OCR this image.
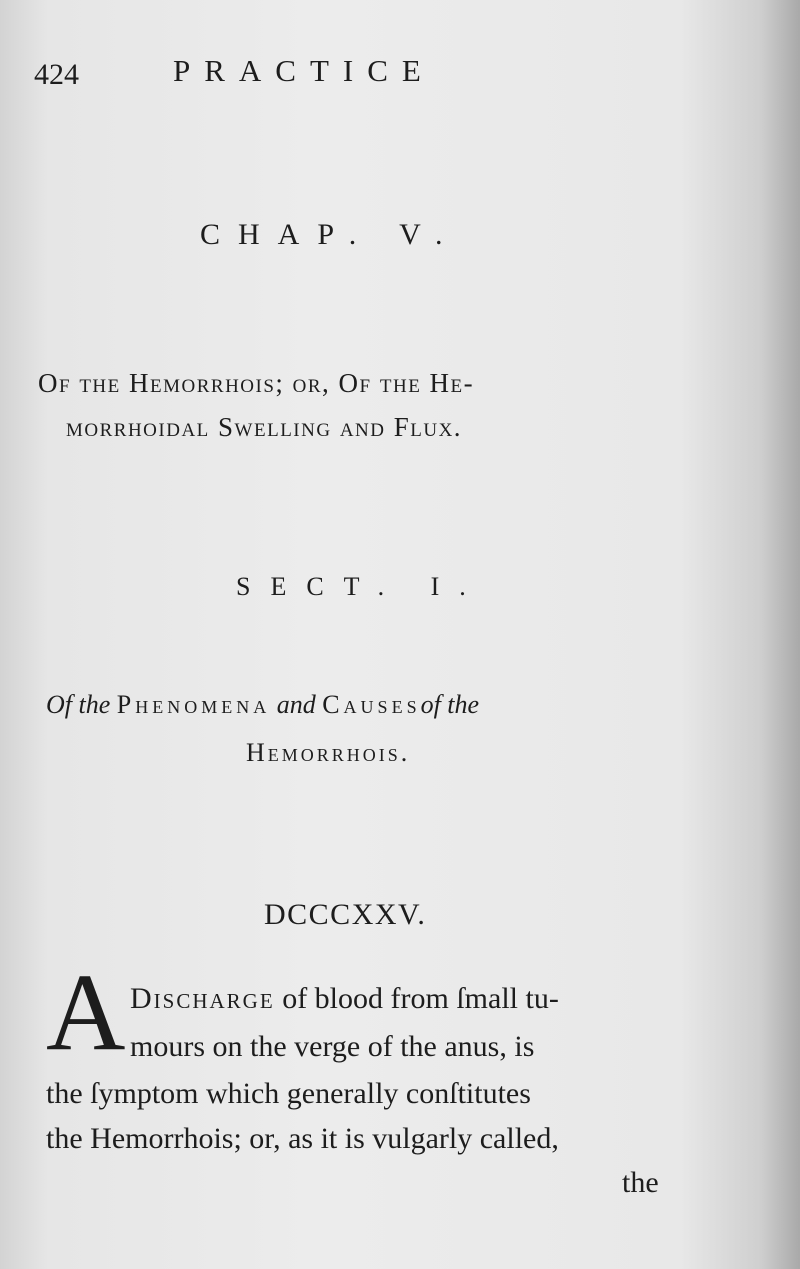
424	PRACTICE
CHAP. V.
Of the Hemorrhois; or, Of the He-
morrhoidal Swelling and Flux.
SECT. I.
Of the Phenomena and Causesof the
Hemorrhois.
DCCCXXV.
A Discharge of blood from ſmall tu-
mours on the verge of the anus, is
the ſymptom which generally conſtitutes
the Hemorrhois; or, as it is vulgarly called,
the
